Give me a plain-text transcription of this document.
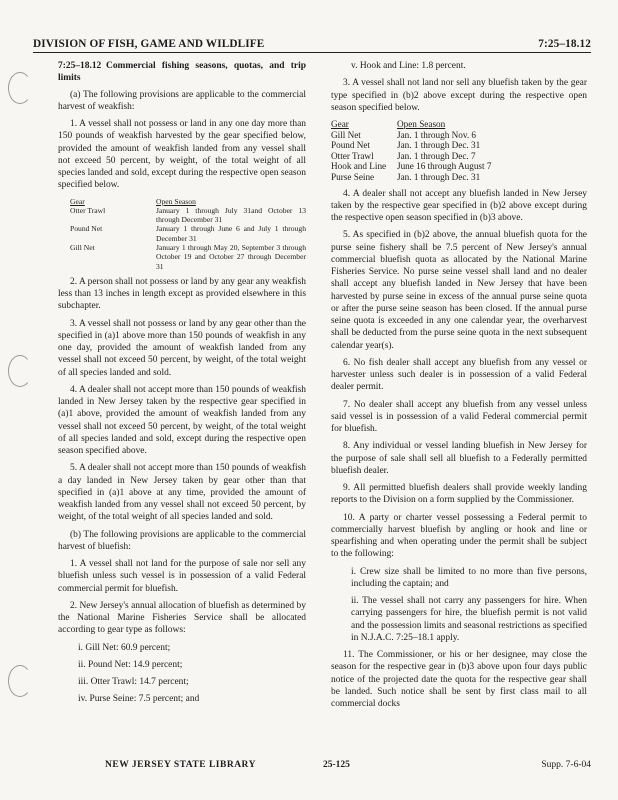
DIVISION OF FISH, GAME AND WILDLIFE	7:25–18.12
7:25–18.12 Commercial fishing seasons, quotas, and trip limits

(a) The following provisions are applicable to the commercial harvest of weakfish:

1. A vessel shall not possess or land in any one day more than 150 pounds of weakfish harvested by the gear specified below, provided the amount of weakfish landed from any vessel shall not exceed 50 percent, by weight, of the total weight of all species landed and sold, except during the respective open season specified below.

Gear	Open Season
Otter Trawl	January 1 through July 31and October 13 through December 31
Pound Net	January 1 through June 6 and July 1 through December 31
Gill Net	January 1 through May 20, September 3 through October 19 and October 27 through December 31

2. A person shall not possess or land by any gear any weakfish less than 13 inches in length except as provided elsewhere in this subchapter.

3. A vessel shall not possess or land by any gear other than the specified in (a)1 above more than 150 pounds of weakfish in any one day, provided the amount of weakfish landed from any vessel shall not exceed 50 percent, by weight, of the total weight of all species landed and sold.

4. A dealer shall not accept more than 150 pounds of weakfish landed in New Jersey taken by the respective gear specified in (a)1 above, provided the amount of weakfish landed from any vessel shall not exceed 50 percent, by weight, of the total weight of all species landed and sold, except during the respective open season specified above.

5. A dealer shall not accept more than 150 pounds of weakfish a day landed in New Jersey taken by gear other than that specified in (a)1 above at any time, provided the amount of weakfish landed from any vessel shall not exceed 50 percent, by weight, of the total weight of all species landed and sold.

(b) The following provisions are applicable to the commercial harvest of bluefish:

1. A vessel shall not land for the purpose of sale nor sell any bluefish unless such vessel is in possession of a valid Federal commercial permit for bluefish.

2. New Jersey's annual allocation of bluefish as determined by the National Marine Fisheries Service shall be allocated according to gear type as follows:

i. Gill Net: 60.9 percent;

ii. Pound Net: 14.9 percent;

iii. Otter Trawl: 14.7 percent;

iv. Purse Seine: 7.5 percent; and

v. Hook and Line: 1.8 percent.

3. A vessel shall not land nor sell any bluefish taken by the gear type specified in (b)2 above except during the respective open season specified below.

Gear	Open Season
Gill Net	Jan. 1 through Nov. 6
Pound Net	Jan. 1 through Dec. 31
Otter Trawl	Jan. 1 through Dec. 7
Hook and Line	June 16 through August 7
Purse Seine	Jan. 1 through Dec. 31

4. A dealer shall not accept any bluefish landed in New Jersey taken by the respective gear specified in (b)2 above except during the respective open season specified in (b)3 above.

5. As specified in (b)2 above, the annual bluefish quota for the purse seine fishery shall be 7.5 percent of New Jersey's annual commercial bluefish quota as allocated by the National Marine Fisheries Service. No purse seine vessel shall land and no dealer shall accept any bluefish landed in New Jersey that have been harvested by purse seine in excess of the annual purse seine quota or after the purse seine season has been closed. If the annual purse seine quota is exceeded in any one calendar year, the overharvest shall be deducted from the purse seine quota in the next subsequent calendar year(s).

6. No fish dealer shall accept any bluefish from any vessel or harvester unless such dealer is in possession of a valid Federal dealer permit.

7. No dealer shall accept any bluefish from any vessel unless said vessel is in possession of a valid Federal commercial permit for bluefish.

8. Any individual or vessel landing bluefish in New Jersey for the purpose of sale shall sell all bluefish to a Federally permitted bluefish dealer.

9. All permitted bluefish dealers shall provide weekly landing reports to the Division on a form supplied by the Commissioner.

10. A party or charter vessel possessing a Federal permit to commercially harvest bluefish by angling or hook and line or spearfishing and when operating under the permit shall be subject to the following:

i. Crew size shall be limited to no more than five persons, including the captain; and

ii. The vessel shall not carry any passengers for hire. When carrying passengers for hire, the bluefish permit is not valid and the possession limits and seasonal restrictions as specified in N.J.A.C. 7:25–18.1 apply.

11. The Commissioner, or his or her designee, may close the season for the respective gear in (b)3 above upon four days public notice of the projected date the quota for the respective gear shall be landed. Such notice shall be sent by first class mail to all commercial docks

NEW JERSEY STATE LIBRARY	25-125	Supp. 7-6-04
